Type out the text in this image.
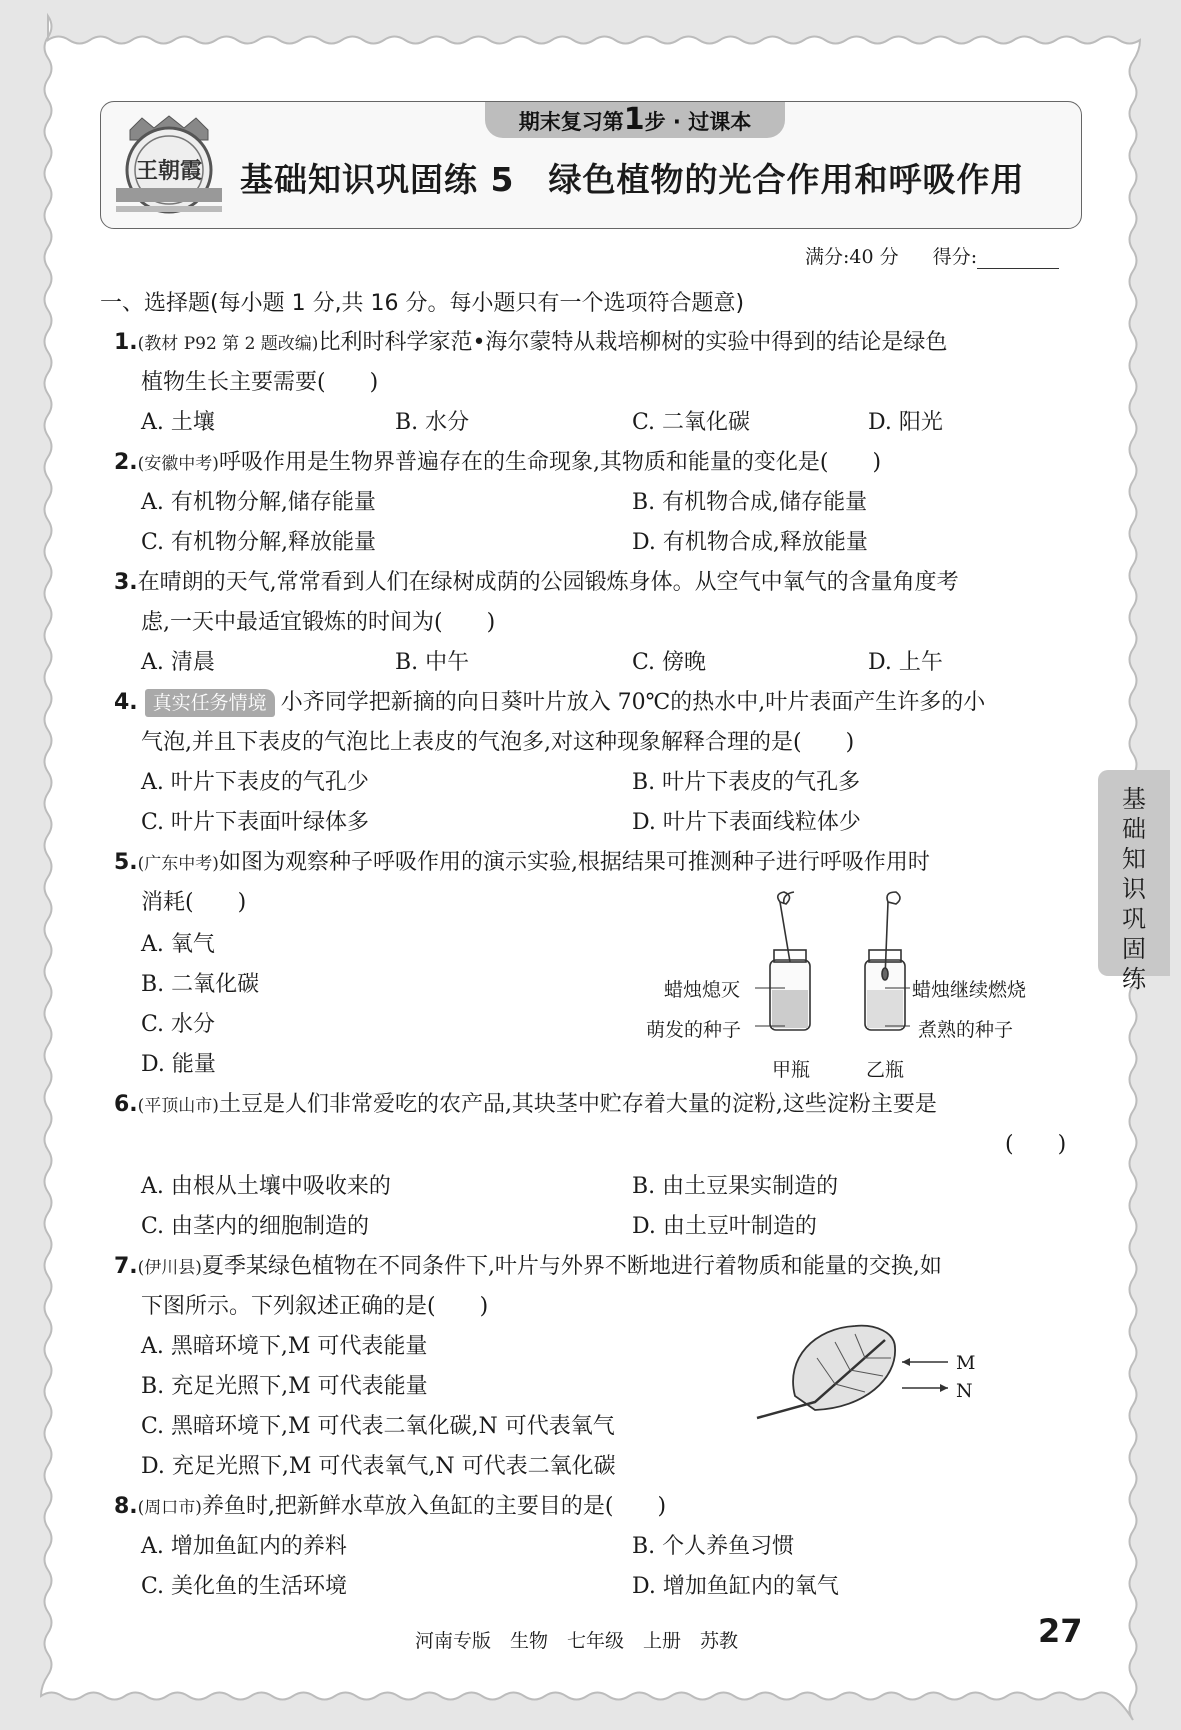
王朝霞
期末复习第1步 · 过课本
基础知识巩固练 5　绿色植物的光合作用和呼吸作用
满分:40 分 得分:
一、选择题(每小题 1 分,共 16 分。每小题只有一个选项符合题意)
1.(教材 P92 第 2 题改编)比利时科学家范•海尔蒙特从栽培柳树的实验中得到的结论是绿色
植物生长主要需要(　　)
A. 土壤	B. 水分	C. 二氧化碳	D. 阳光
2.(安徽中考)呼吸作用是生物界普遍存在的生命现象,其物质和能量的变化是(　　)
A. 有机物分解,储存能量	B. 有机物合成,储存能量
C. 有机物分解,释放能量	D. 有机物合成,释放能量
3.在晴朗的天气,常常看到人们在绿树成荫的公园锻炼身体。从空气中氧气的含量角度考
虑,一天中最适宜锻炼的时间为(　　)
A. 清晨	B. 中午	C. 傍晚	D. 上午
4. 真实任务情境 小齐同学把新摘的向日葵叶片放入 70℃的热水中,叶片表面产生许多的小
气泡,并且下表皮的气泡比上表皮的气泡多,对这种现象解释合理的是(　　)
A. 叶片下表皮的气孔少	B. 叶片下表皮的气孔多
C. 叶片下表面叶绿体多	D. 叶片下表面线粒体少
5.(广东中考)如图为观察种子呼吸作用的演示实验,根据结果可推测种子进行呼吸作用时
消耗(　　)
A. 氧气
B. 二氧化碳
C. 水分
D. 能量
蜡烛熄灭
萌发的种子
蜡烛继续燃烧
煮熟的种子
甲瓶	乙瓶
6.(平顶山市)土豆是人们非常爱吃的农产品,其块茎中贮存着大量的淀粉,这些淀粉主要是
(　　)
A. 由根从土壤中吸收来的	B. 由土豆果实制造的
C. 由茎内的细胞制造的	D. 由土豆叶制造的
7.(伊川县)夏季某绿色植物在不同条件下,叶片与外界不断地进行着物质和能量的交换,如
下图所示。下列叙述正确的是(　　)
A. 黑暗环境下,M 可代表能量
B. 充足光照下,M 可代表能量
C. 黑暗环境下,M 可代表二氧化碳,N 可代表氧气
D. 充足光照下,M 可代表氧气,N 可代表二氧化碳
M
N
8.(周口市)养鱼时,把新鲜水草放入鱼缸的主要目的是(　　)
A. 增加鱼缸内的养料	B. 个人养鱼习惯
C. 美化鱼的生活环境	D. 增加鱼缸内的氧气
基
础
知
识
巩
固
练
河南专版　生物　七年级　上册　苏教	27
